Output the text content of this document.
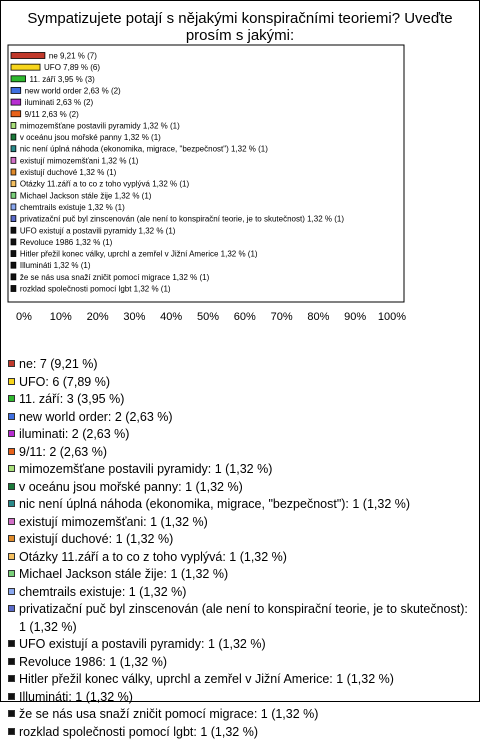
Sympatizujete potají s nějakými konspiračními teoriemi? Uveďte prosím s jakými:
ne 9,21 % (7)
UFO 7,89 % (6)
11. září 3,95 % (3)
new world order 2,63 % (2)
iluminati 2,63 % (2)
9/11 2,63 % (2)
mimozemšťane postavili pyramidy 1,32 % (1)
v oceánu jsou mořské panny 1,32 % (1)
nic není úplná náhoda (ekonomika, migrace, "bezpečnost") 1,32 % (1)
existují mimozemšťani 1,32 % (1)
existují duchové 1,32 % (1)
Otázky 11.září a to co z toho vyplývá 1,32 % (1)
Michael Jackson stále žije 1,32 % (1)
chemtrails existuje 1,32 % (1)
privatizační puč byl zinscenován (ale není to konspirační teorie, je to skutečnost) 1,32 % (1)
UFO existují a postavili pyramidy 1,32 % (1)
Revoluce 1986 1,32 % (1)
Hitler přežil konec války, uprchl a zemřel v Jižní Americe 1,32 % (1)
Illumináti 1,32 % (1)
že se nás usa snaží zničit pomocí migrace 1,32 % (1)
rozklad společnosti pomocí lgbt 1,32 % (1)
0% 10% 20% 30% 40% 50% 60% 70% 80% 90% 100%
ne: 7 (9,21 %)
UFO: 6 (7,89 %)
11. září: 3 (3,95 %)
new world order: 2 (2,63 %)
iluminati: 2 (2,63 %)
9/11: 2 (2,63 %)
mimozemšťane postavili pyramidy: 1 (1,32 %)
v oceánu jsou mořské panny: 1 (1,32 %)
nic není úplná náhoda (ekonomika, migrace, "bezpečnost"): 1 (1,32 %)
existují mimozemšťani: 1 (1,32 %)
existují duchové: 1 (1,32 %)
Otázky 11.září a to co z toho vyplývá: 1 (1,32 %)
Michael Jackson stále žije: 1 (1,32 %)
chemtrails existuje: 1 (1,32 %)
privatizační puč byl zinscenován (ale není to konspirační teorie, je to skutečnost): 1 (1,32 %)
UFO existují a postavili pyramidy: 1 (1,32 %)
Revoluce 1986: 1 (1,32 %)
Hitler přežil konec války, uprchl a zemřel v Jižní Americe: 1 (1,32 %)
Illumináti: 1 (1,32 %)
že se nás usa snaží zničit pomocí migrace: 1 (1,32 %)
rozklad společnosti pomocí lgbt: 1 (1,32 %)
